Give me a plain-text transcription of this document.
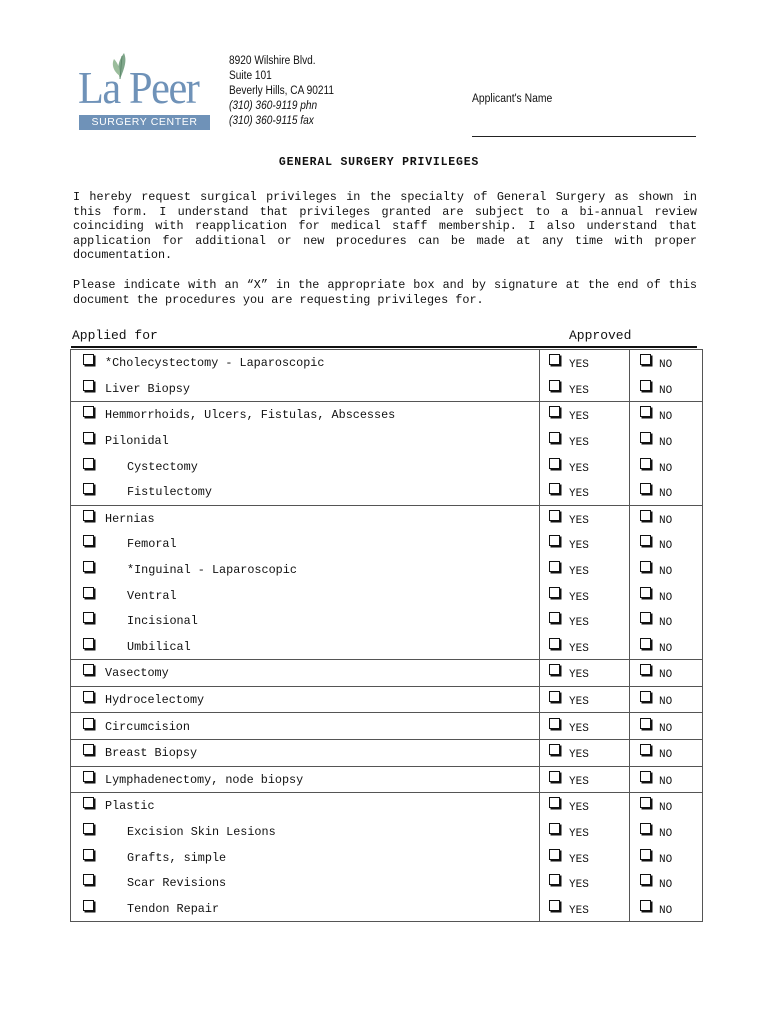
La Peer
SURGERY CENTER
8920 Wilshire Blvd.
Suite 101
Beverly Hills, CA 90211
(310) 360-9119 phn
(310) 360-9115 fax
Applicant's Name
GENERAL SURGERY PRIVILEGES

I hereby request surgical privileges in the specialty of General Surgery as shown in this form. I understand that privileges granted are subject to a bi-annual review coinciding with reapplication for medical staff membership. I also understand that application for additional or new procedures can be made at any time with proper documentation.

Please indicate with an “X” in the appropriate box and by signature at the end of this document the procedures you are requesting privileges for.

Applied for	Approved
*Cholecystectomy - Laparoscopic	YES	NO
Liver Biopsy	YES	NO
Hemmorrhoids, Ulcers, Fistulas, Abscesses	YES	NO
Pilonidal	YES	NO
Cystectomy	YES	NO
Fistulectomy	YES	NO
Hernias	YES	NO
Femoral	YES	NO
*Inguinal - Laparoscopic	YES	NO
Ventral	YES	NO
Incisional	YES	NO
Umbilical	YES	NO
Vasectomy	YES	NO
Hydrocelectomy	YES	NO
Circumcision	YES	NO
Breast Biopsy	YES	NO
Lymphadenectomy, node biopsy	YES	NO
Plastic	YES	NO
Excision Skin Lesions	YES	NO
Grafts, simple	YES	NO
Scar Revisions	YES	NO
Tendon Repair	YES	NO
